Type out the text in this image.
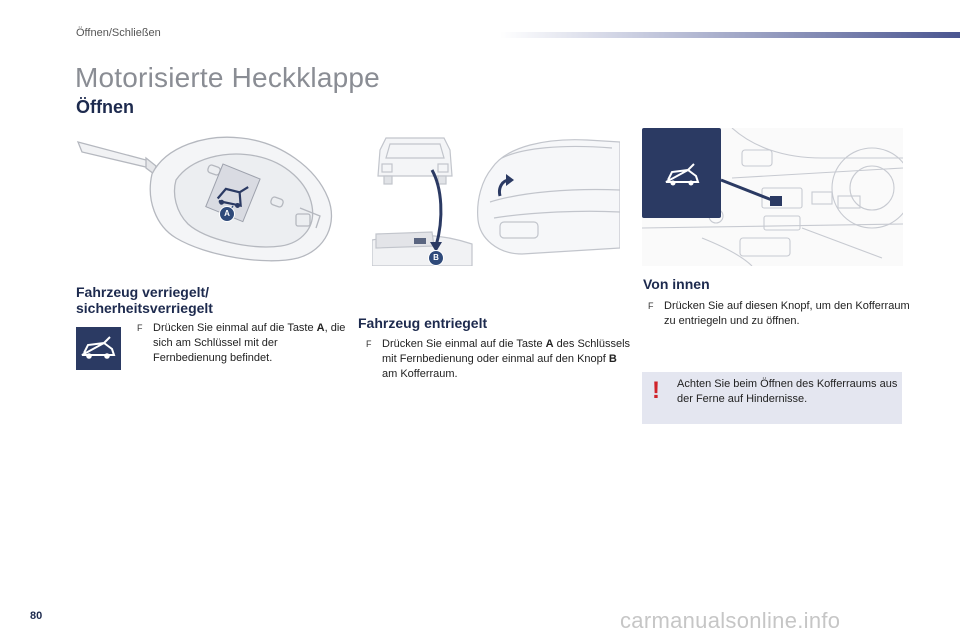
Öffnen/Schließen
Motorisierte Heckklappe
Öffnen
A
B
Fahrzeug verriegelt/
sicherheitsverriegelt
F Drücken Sie einmal auf die Taste A, die sich am Schlüssel mit der Fernbedienung befindet.
Fahrzeug entriegelt
F Drücken Sie einmal auf die Taste A des Schlüssels mit Fernbedienung oder einmal auf den Knopf B am Kofferraum.
Von innen
F Drücken Sie auf diesen Knopf, um den Kofferraum zu entriegeln und zu öffnen.
! Achten Sie beim Öffnen des Kofferraums aus der Ferne auf Hindernisse.
80	carmanualsonline.info
